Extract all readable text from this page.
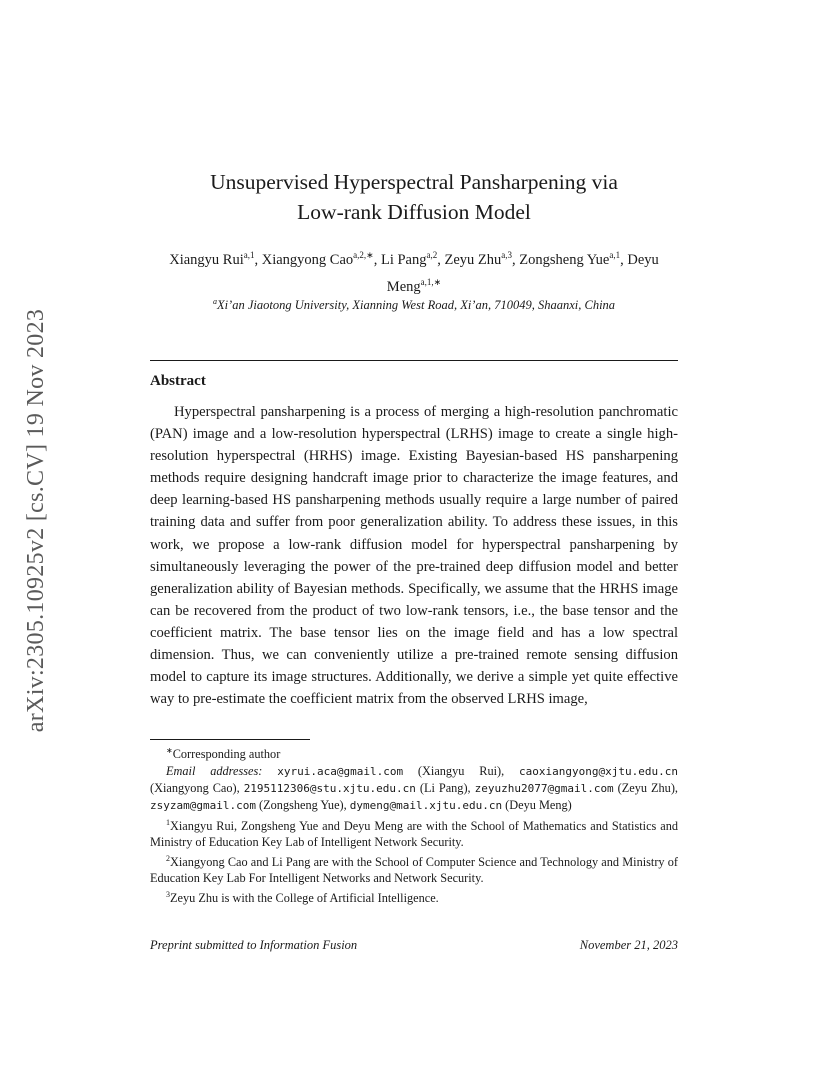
arXiv:2305.10925v2 [cs.CV] 19 Nov 2023
Unsupervised Hyperspectral Pansharpening via
Low-rank Diffusion Model
Xiangyu Rui$^{a,1}$, Xiangyong Cao$^{a,2,∗}$, Li Pang$^{a,2}$, Zeyu Zhu$^{a,3}$, Zongsheng Yue$^{a,1}$, Deyu Meng$^{a,1,∗}$
$^a$Xi’an Jiaotong University, Xianning West Road, Xi’an, 710049, Shaanxi, China
Abstract

Hyperspectral pansharpening is a process of merging a high-resolution panchromatic (PAN) image and a low-resolution hyperspectral (LRHS) image to create a single high-resolution hyperspectral (HRHS) image. Existing Bayesian-based HS pansharpening methods require designing handcraft image prior to characterize the image features, and deep learning-based HS pansharpening methods usually require a large number of paired training data and suffer from poor generalization ability. To address these issues, in this work, we propose a low-rank diffusion model for hyperspectral pansharpening by simultaneously leveraging the power of the pre-trained deep diffusion model and better generalization ability of Bayesian methods. Specifically, we assume that the HRHS image can be recovered from the product of two low-rank tensors, i.e., the base tensor and the coefficient matrix. The base tensor lies on the image field and has a low spectral dimension. Thus, we can conveniently utilize a pre-trained remote sensing diffusion model to capture its image structures. Additionally, we derive a simple yet quite effective way to pre-estimate the coefficient matrix from the observed LRHS image,

∗Corresponding author

Email addresses: xyrui.aca@gmail.com (Xiangyu Rui), caoxiangyong@xjtu.edu.cn (Xiangyong Cao), 2195112306@stu.xjtu.edu.cn (Li Pang), zeyuzhu2077@gmail.com (Zeyu Zhu), zsyzam@gmail.com (Zongsheng Yue), dymeng@mail.xjtu.edu.cn (Deyu Meng)

$^1$Xiangyu Rui, Zongsheng Yue and Deyu Meng are with the School of Mathematics and Statistics and Ministry of Education Key Lab of Intelligent Network Security.

$^2$Xiangyong Cao and Li Pang are with the School of Computer Science and Technology and Ministry of Education Key Lab For Intelligent Networks and Network Security.

$^3$Zeyu Zhu is with the College of Artificial Intelligence.

Preprint submitted to Information Fusion	November 21, 2023
